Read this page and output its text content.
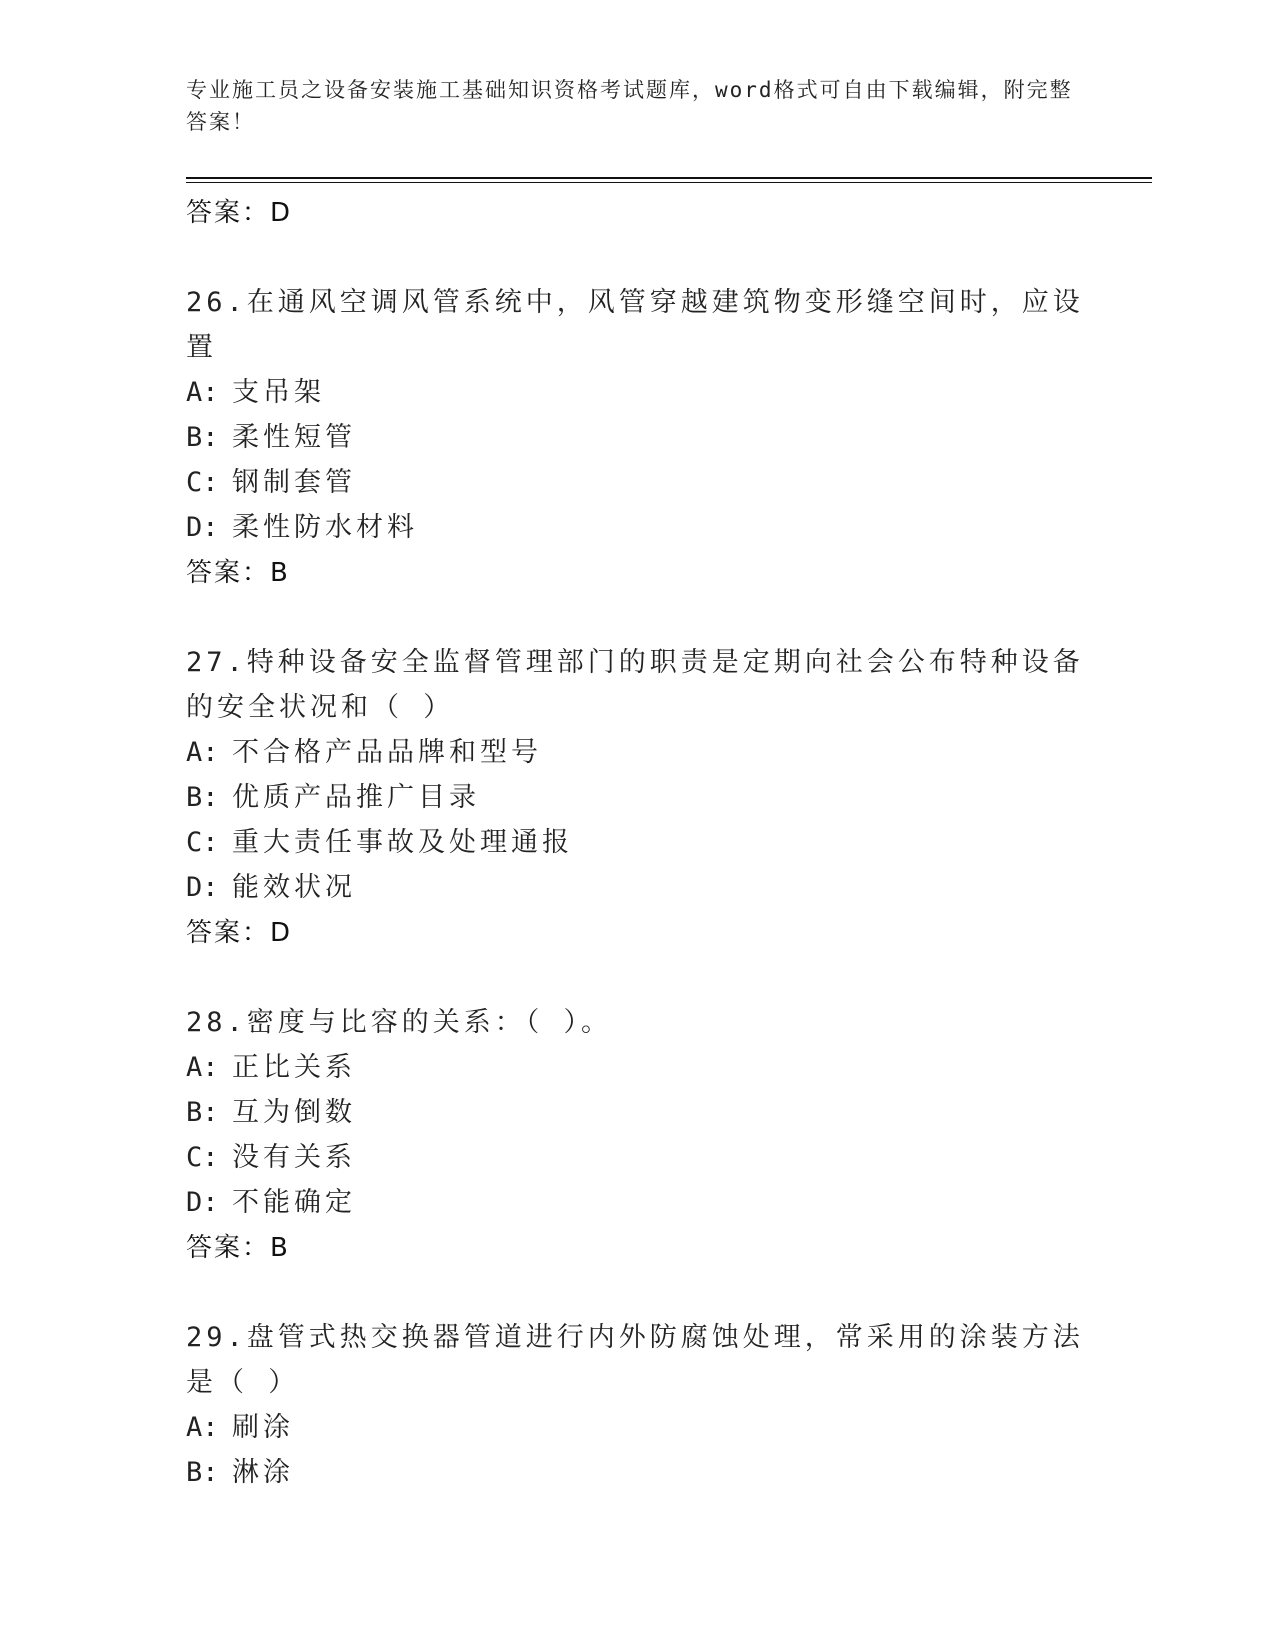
专业施工员之设备安装施工基础知识资格考试题库，word格式可自由下载编辑，附完整答案！
答案：D
26.在通风空调风管系统中，风管穿越建筑物变形缝空间时，应设置
A: 支吊架
B: 柔性短管
C: 钢制套管
D: 柔性防水材料
答案：B
27.特种设备安全监督管理部门的职责是定期向社会公布特种设备的安全状况和（ ）
A: 不合格产品品牌和型号
B: 优质产品推广目录
C: 重大责任事故及处理通报
D: 能效状况
答案：D
28.密度与比容的关系：（ ）。
A: 正比关系
B: 互为倒数
C: 没有关系
D: 不能确定
答案：B
29.盘管式热交换器管道进行内外防腐蚀处理，常采用的涂装方法是（ ）
A: 刷涂
B: 淋涂
